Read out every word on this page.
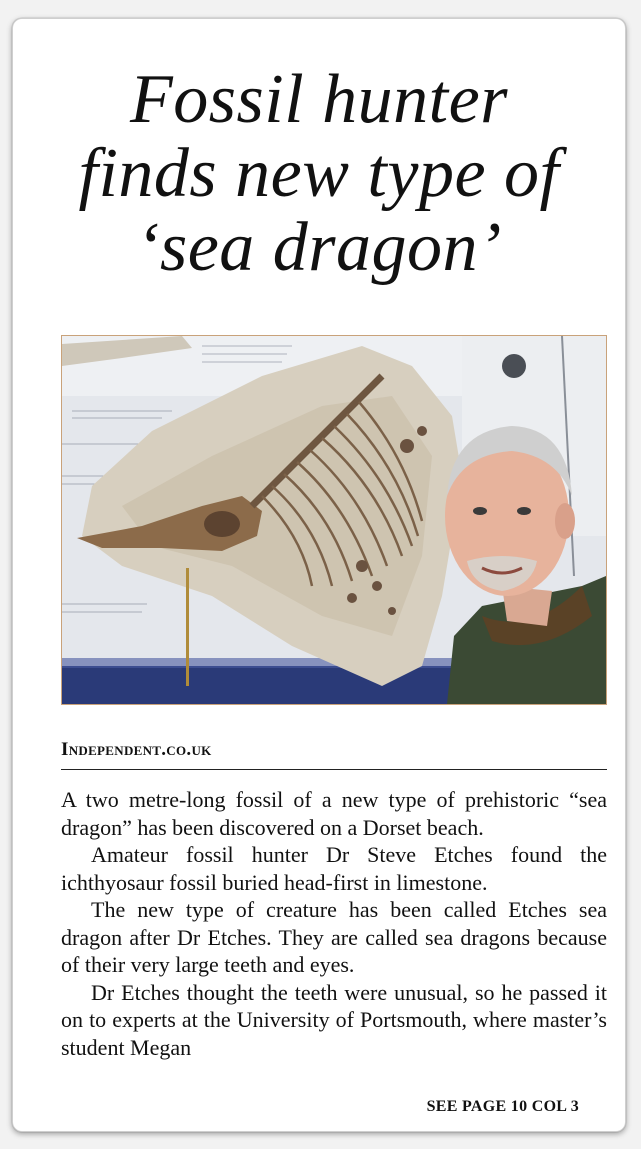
Fossil hunter
finds new type of
‘sea dragon’
Independent.co.uk

A two metre-long fossil of a new type of prehistoric “sea dragon” has been discovered on a Dorset beach.

Amateur fossil hunter Dr Steve Etches found the ichthyosaur fossil buried head-first in limestone.

The new type of creature has been called Etches sea dragon after Dr Etches. They are called sea dragons because of their very large teeth and eyes.

Dr Etches thought the teeth were unusual, so he passed it on to experts at the University of Portsmouth, where master’s student Megan

SEE PAGE 10 COL 3
